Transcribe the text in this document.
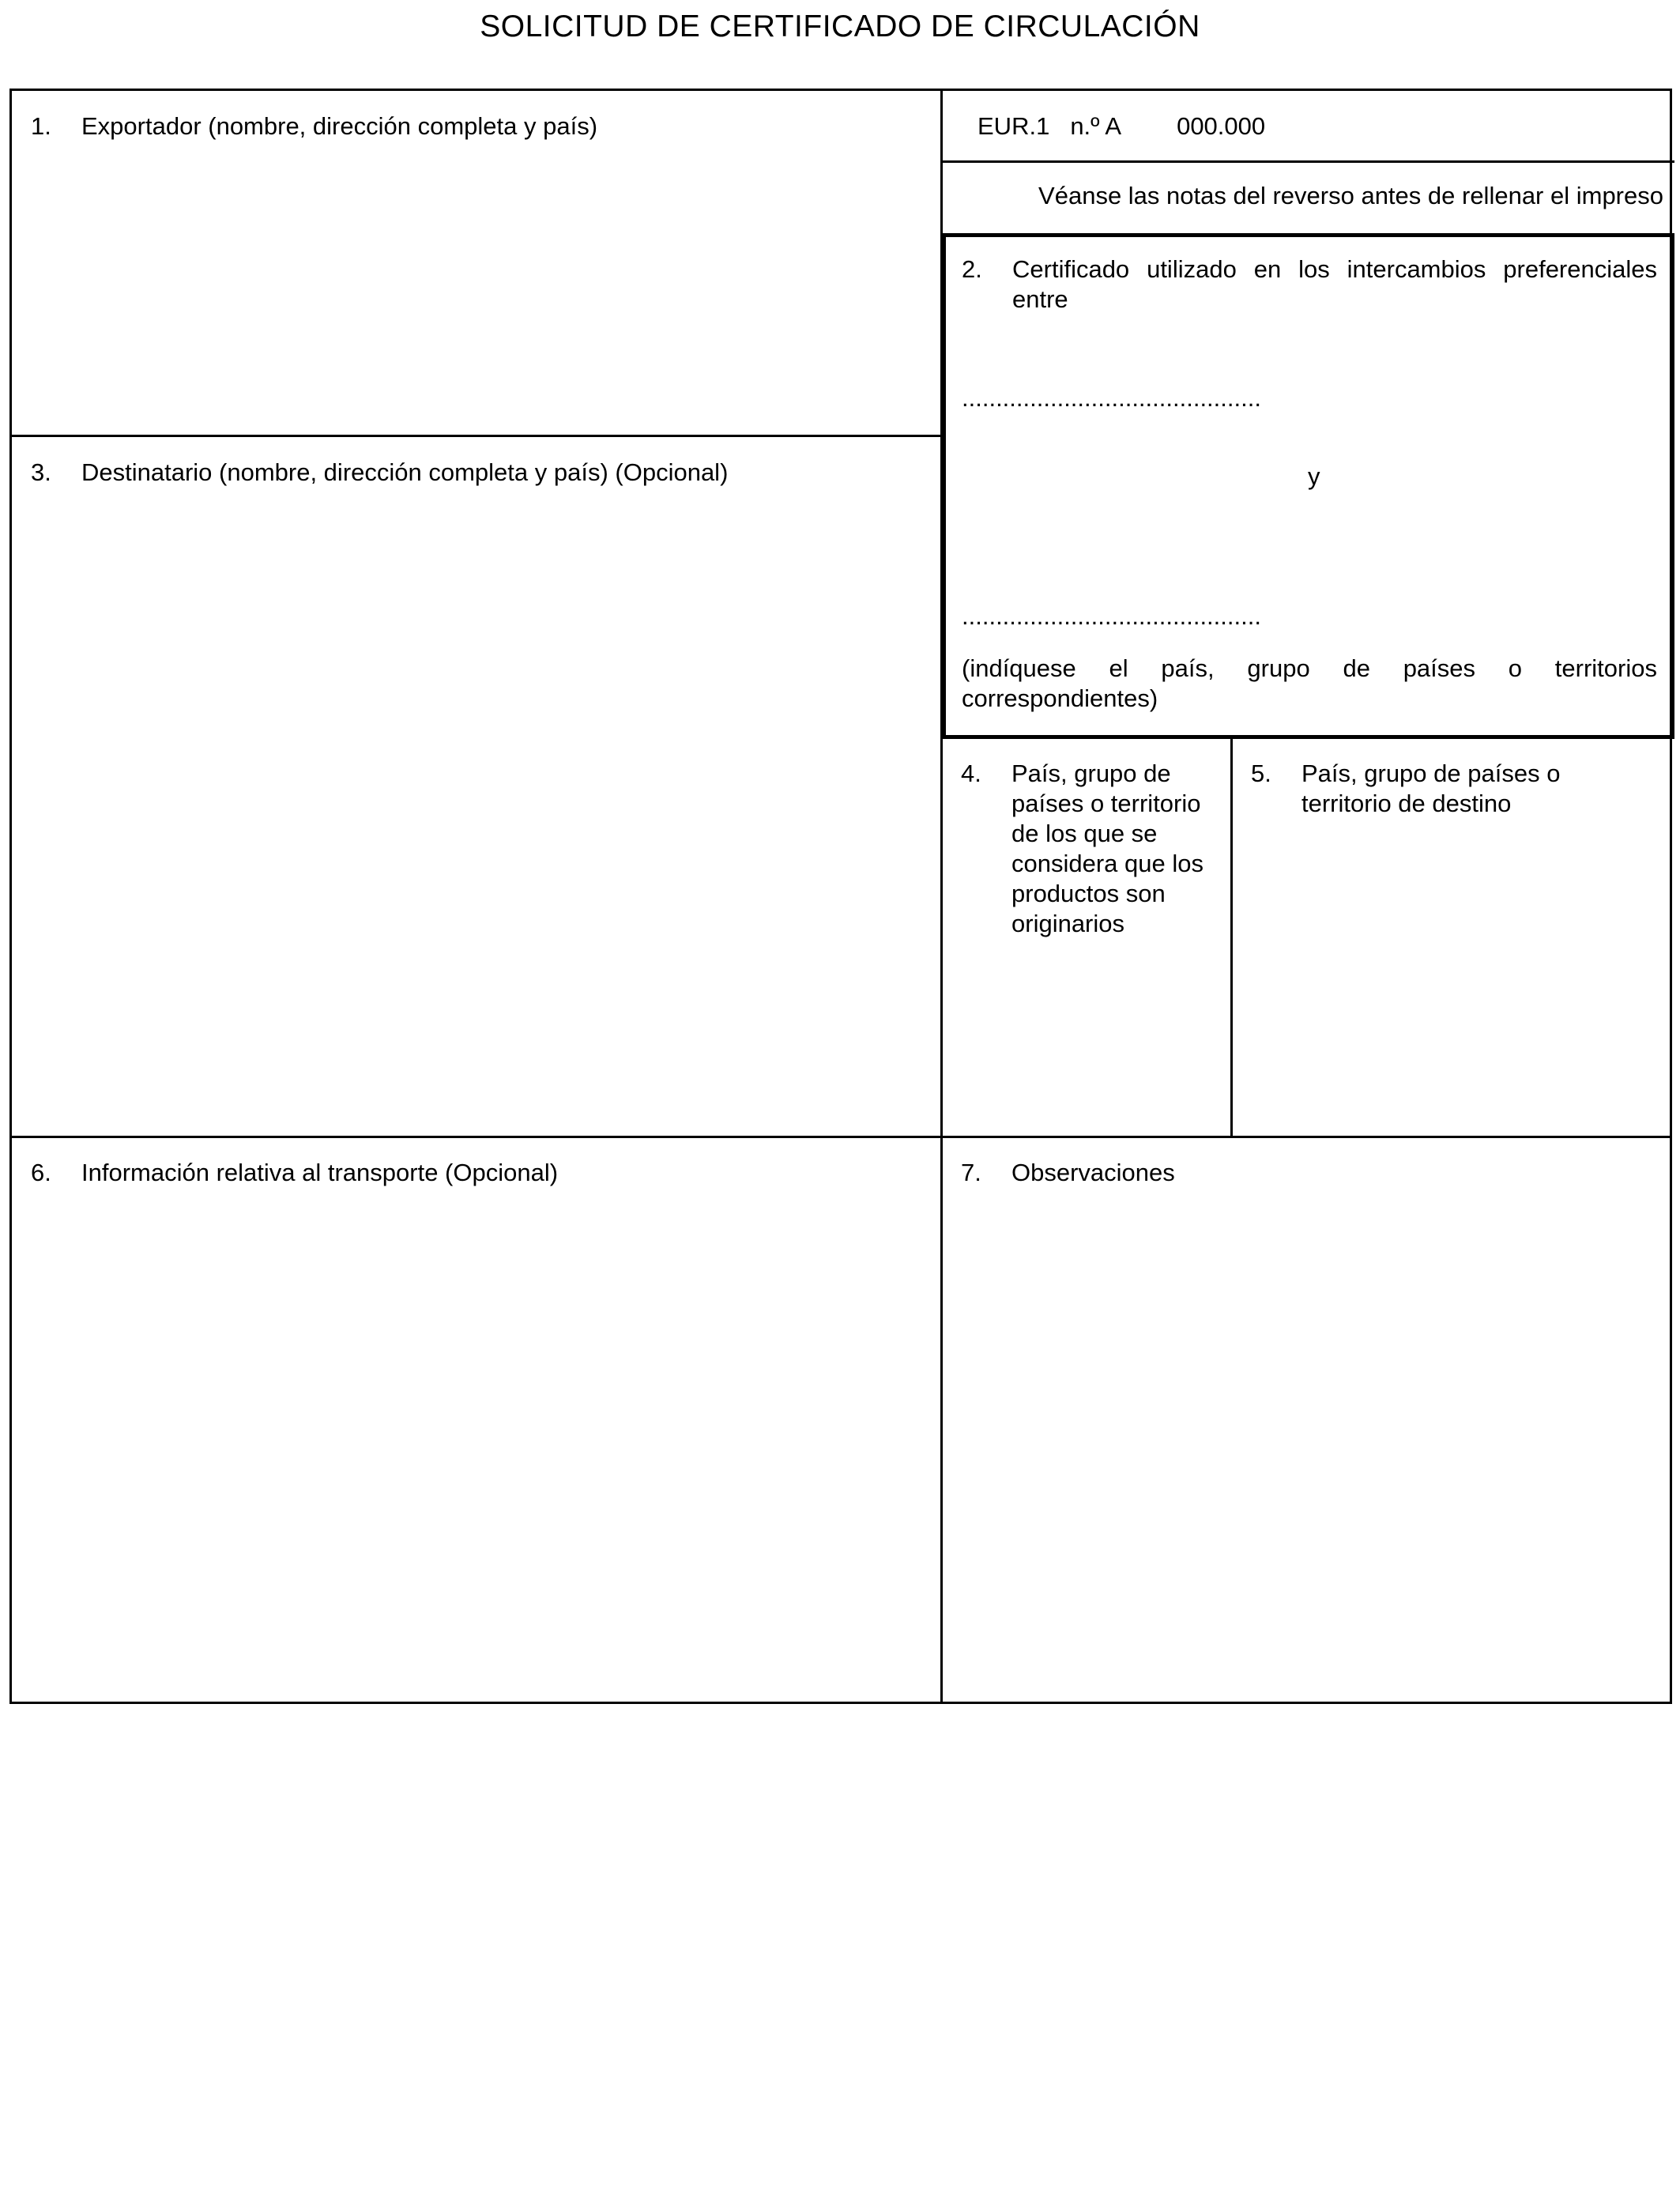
SOLICITUD DE CERTIFICADO DE CIRCULACIÓN
1.	Exportador (nombre, dirección completa y país)	EUR.1 n.º A 000.000
Véanse las notas del reverso antes de rellenar el impreso
3.	Destinatario (nombre, dirección completa y país) (Opcional)
4.	País, grupo de países o territorio de los que se considera que los productos son originarios
5.	País, grupo de países o territorio de destino
6.	Información relativa al transporte (Opcional)	7.	Observaciones
2.	Certificado utilizado en los intercambios preferenciales entre
............................................
y
............................................
(indíquese el país, grupo de países o territorios correspondientes)
